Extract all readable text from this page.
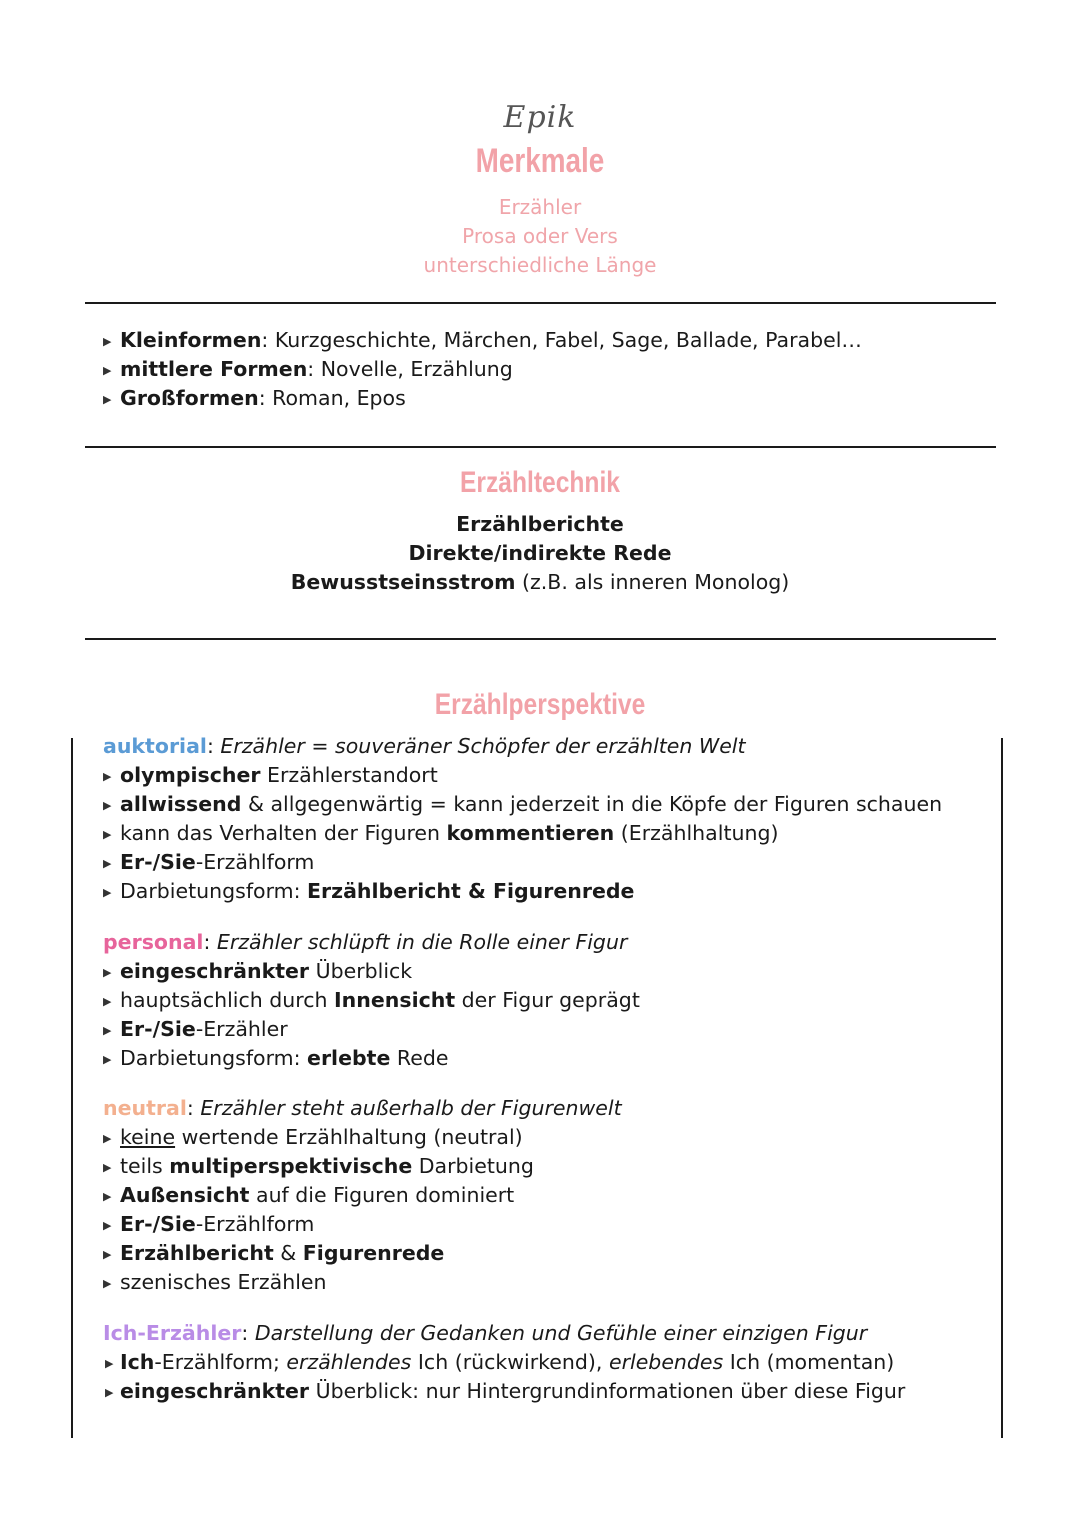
Epik
Merkmale
Erzähler
Prosa oder Vers
unterschiedliche Länge
▶ Kleinformen: Kurzgeschichte, Märchen, Fabel, Sage, Ballade, Parabel…
▶ mittlere Formen: Novelle, Erzählung
▶ Großformen: Roman, Epos
Erzähltechnik
Erzählberichte
Direkte/indirekte Rede
Bewusstseinsstrom (z.B. als inneren Monolog)
Erzählperspektive
auktorial: Erzähler = souveräner Schöpfer der erzählten Welt
▶ olympischer Erzählerstandort
▶ allwissend & allgegenwärtig = kann jederzeit in die Köpfe der Figuren schauen
▶ kann das Verhalten der Figuren kommentieren (Erzählhaltung)
▶ Er-/Sie-Erzählform
▶ Darbietungsform: Erzählbericht & Figurenrede
personal: Erzähler schlüpft in die Rolle einer Figur
▶ eingeschränkter Überblick
▶ hauptsächlich durch Innensicht der Figur geprägt
▶ Er-/Sie-Erzähler
▶ Darbietungsform: erlebte Rede
neutral: Erzähler steht außerhalb der Figurenwelt
▶ keine wertende Erzählhaltung (neutral)
▶ teils multiperspektivische Darbietung
▶ Außensicht auf die Figuren dominiert
▶ Er-/Sie-Erzählform
▶ Erzählbericht & Figurenrede
▶ szenisches Erzählen
Ich-Erzähler: Darstellung der Gedanken und Gefühle einer einzigen Figur
▶ Ich-Erzählform; erzählendes Ich (rückwirkend), erlebendes Ich (momentan)
▶ eingeschränkter Überblick: nur Hintergrundinformationen über diese Figur
